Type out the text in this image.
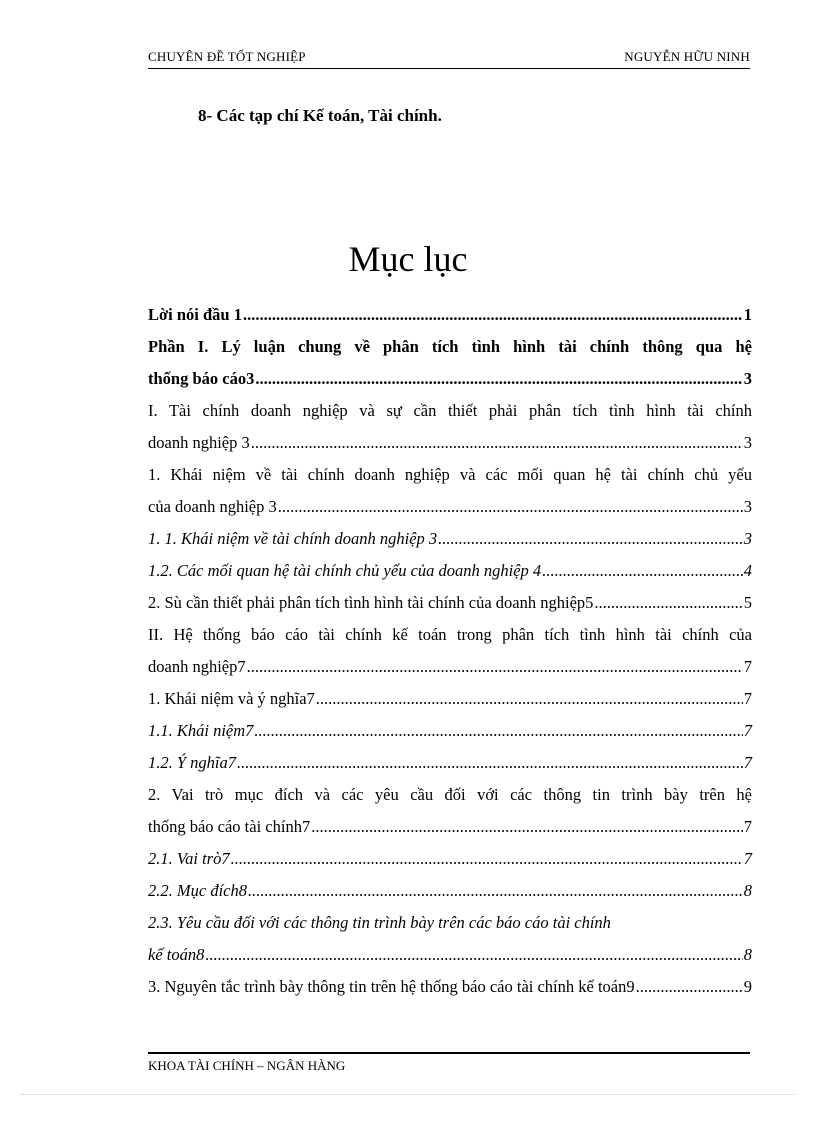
CHUYÊN ĐỀ TỐT NGHIỆP	NGUYỄN HỮU NINH
8- Các tạp chí Kế toán, Tài chính.
Mục lục
Lời nói đầu 1 .....	1
Phần I. Lý luận chung về phân tích tình hình tài chính thông qua hệ
thống báo cáo3 .....	3
I. Tài chính doanh nghiệp và sự cần thiết phải phân tích tình hình tài chính
doanh nghiệp 3 .....	3
1. Khái niệm về tài chính doanh nghiệp và các mối quan hệ tài chính chủ yếu
của doanh nghiệp 3 .....	3
1. 1. Khái niệm về tài chính doanh nghiệp 3 .....	3
1.2. Các mối quan hệ tài chính chủ yếu của doanh nghiệp 4 .....	4
2. Sù cần thiết phải phân tích tình hình tài chính của doanh nghiệp5 .....	5
II. Hệ thống báo cáo tài chính kế toán trong phân tích tình hình tài chính của
doanh nghiệp7 .....	7
1. Khái niệm và ý nghĩa7 .....	7
1.1. Khái niệm7 .....	7
1.2. Ý nghĩa7 .....	7
2. Vai trò mục đích và các yêu cầu đối với các thông tin trình bày trên hệ
thống báo cáo tài chính7 .....	7
2.1. Vai trò7 .....	7
2.2. Mục đích8 .....	8
2.3. Yêu cầu đối với các thông tin trình bày trên các báo cáo tài chính
kế toán8 .....	8
3. Nguyên tắc trình bày thông tin trên hệ thống báo cáo tài chính kế toán9 .....	9
KHOA TÀI CHÍNH – NGÂN HÀNG
